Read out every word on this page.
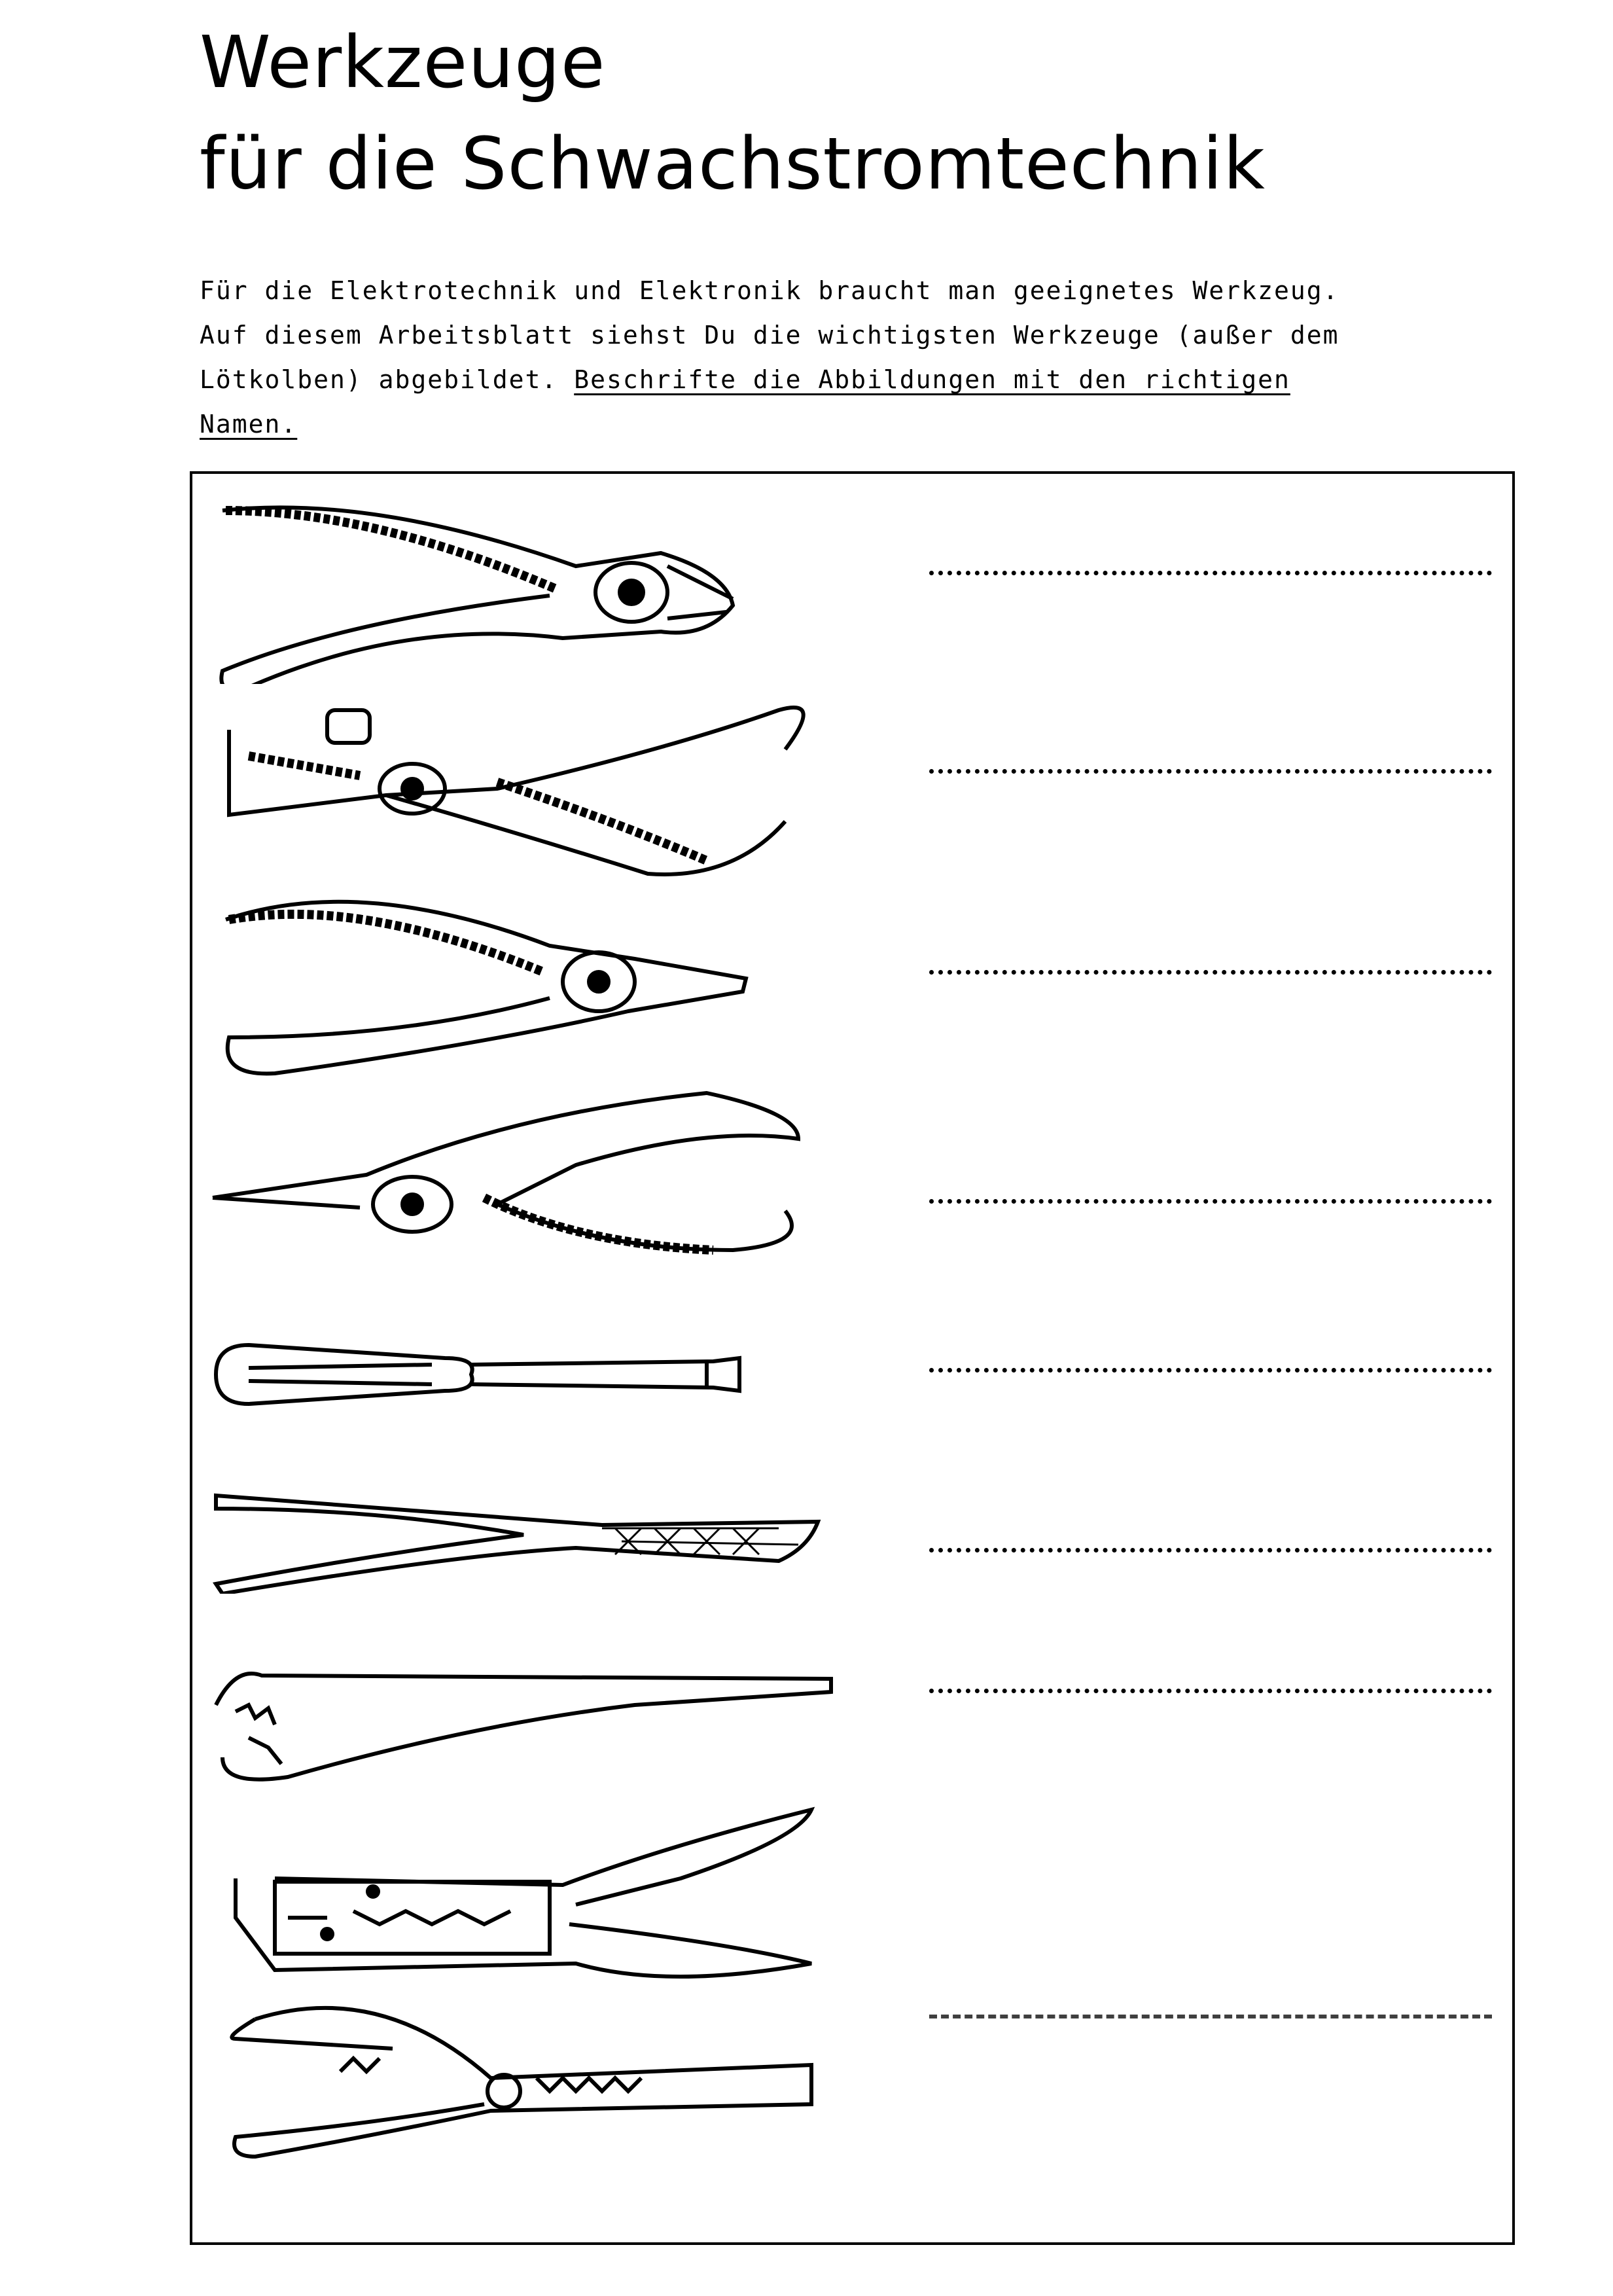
Werkzeuge
für die Schwachstromtechnik
Für die Elektrotechnik und Elektronik braucht man geeignetes Werkzeug.
Auf diesem Arbeitsblatt siehst Du die wichtigsten Werkzeuge (außer dem
Lötkolben) abgebildet. Beschrifte die Abbildungen mit den richtigen
Namen.
